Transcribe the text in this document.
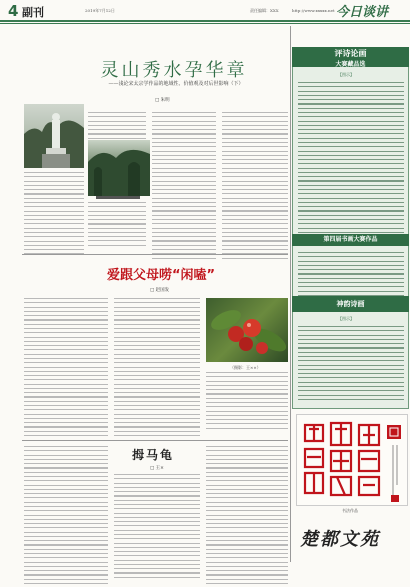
4 副刊	2019年7月12日	责任编辑：XXX	http://www.xxxxx.net 今日谈讲
灵山秀水孕华章
——浅论宋太宗学作品的地域性、价值观及对后世影响（下）
□ 朱明
爱跟父母唠“闲嗑”
□ 赵国发
（摄影：王××）
拇马龟
□ 王×
评诗论画
大赛藏品选
【图示】
第四届书画大赛作品
神韵诗画
【图示】
书法作品
楚都文苑
